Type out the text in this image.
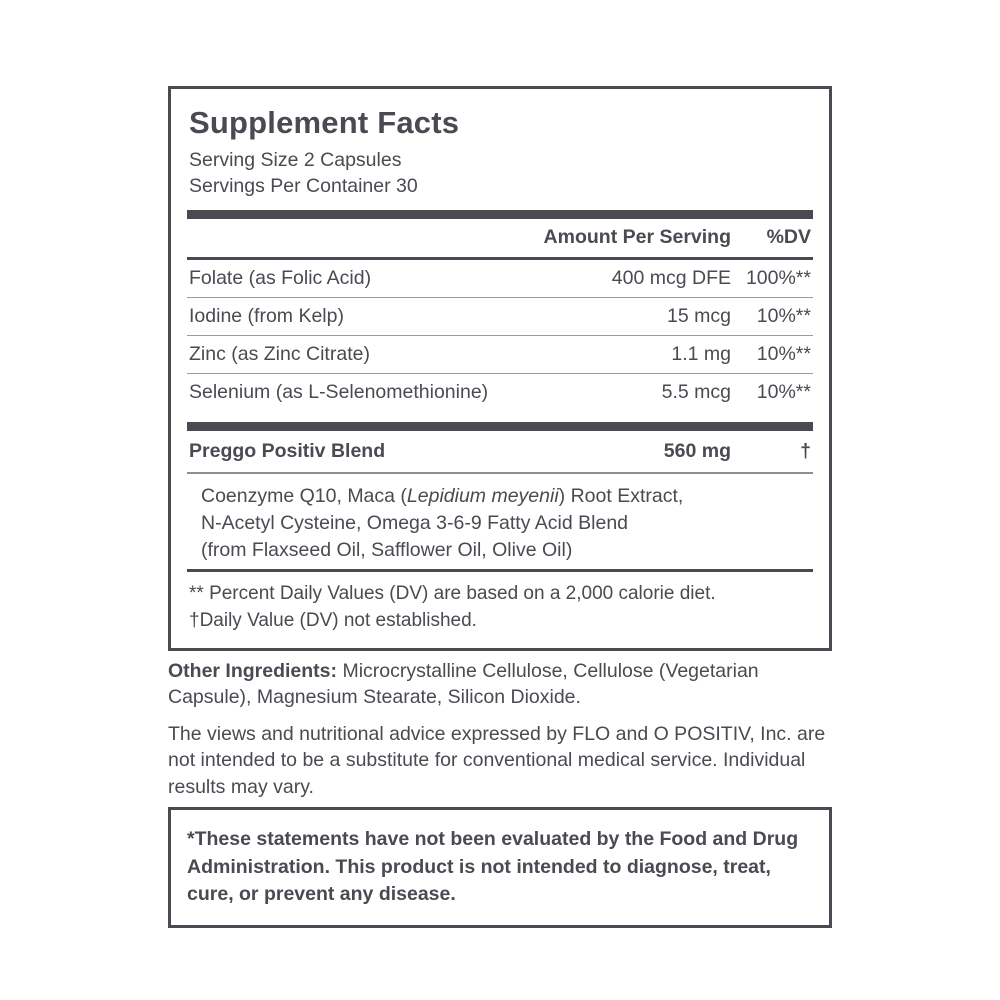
Supplement Facts
Serving Size 2 Capsules
Servings Per Container 30
	Amount Per Serving	%DV
Folate (as Folic Acid)	400 mcg DFE	100%**
Iodine (from Kelp)	15 mcg	10%**
Zinc (as Zinc Citrate)	1.1 mg	10%**
Selenium (as L-Selenomethionine)	5.5 mcg	10%**
Preggo Positiv Blend	560 mg	†
Coenzyme Q10, Maca (Lepidium meyenii) Root Extract,
N-Acetyl Cysteine, Omega 3-6-9 Fatty Acid Blend
(from Flaxseed Oil, Safflower Oil, Olive Oil)
** Percent Daily Values (DV) are based on a 2,000 calorie diet.
†Daily Value (DV) not established.
Other Ingredients: Microcrystalline Cellulose, Cellulose (Vegetarian Capsule), Magnesium Stearate, Silicon Dioxide.
The views and nutritional advice expressed by FLO and O POSITIV, Inc. are not intended to be a substitute for conventional medical service. Individual results may vary.
*These statements have not been evaluated by the Food and Drug Administration. This product is not intended to diagnose, treat, cure, or prevent any disease.
